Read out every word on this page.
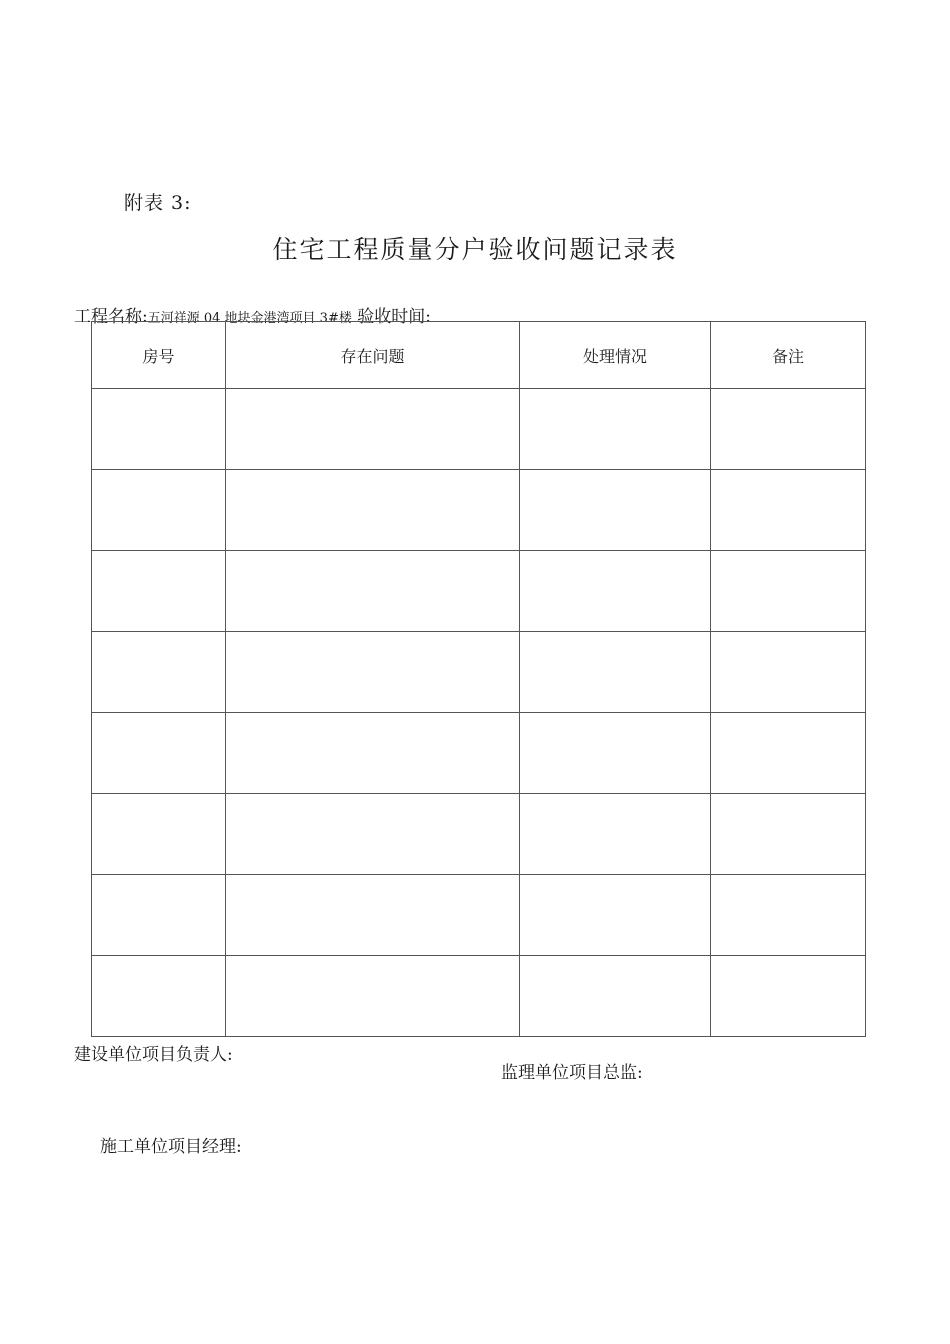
附表 3:
住宅工程质量分户验收问题记录表
工程名称:五河祥源 04 地块金港湾项目 3#楼 验收时间:
房号	存在问题	处理情况	备注

建设单位项目负责人:
监理单位项目总监:
施工单位项目经理:
